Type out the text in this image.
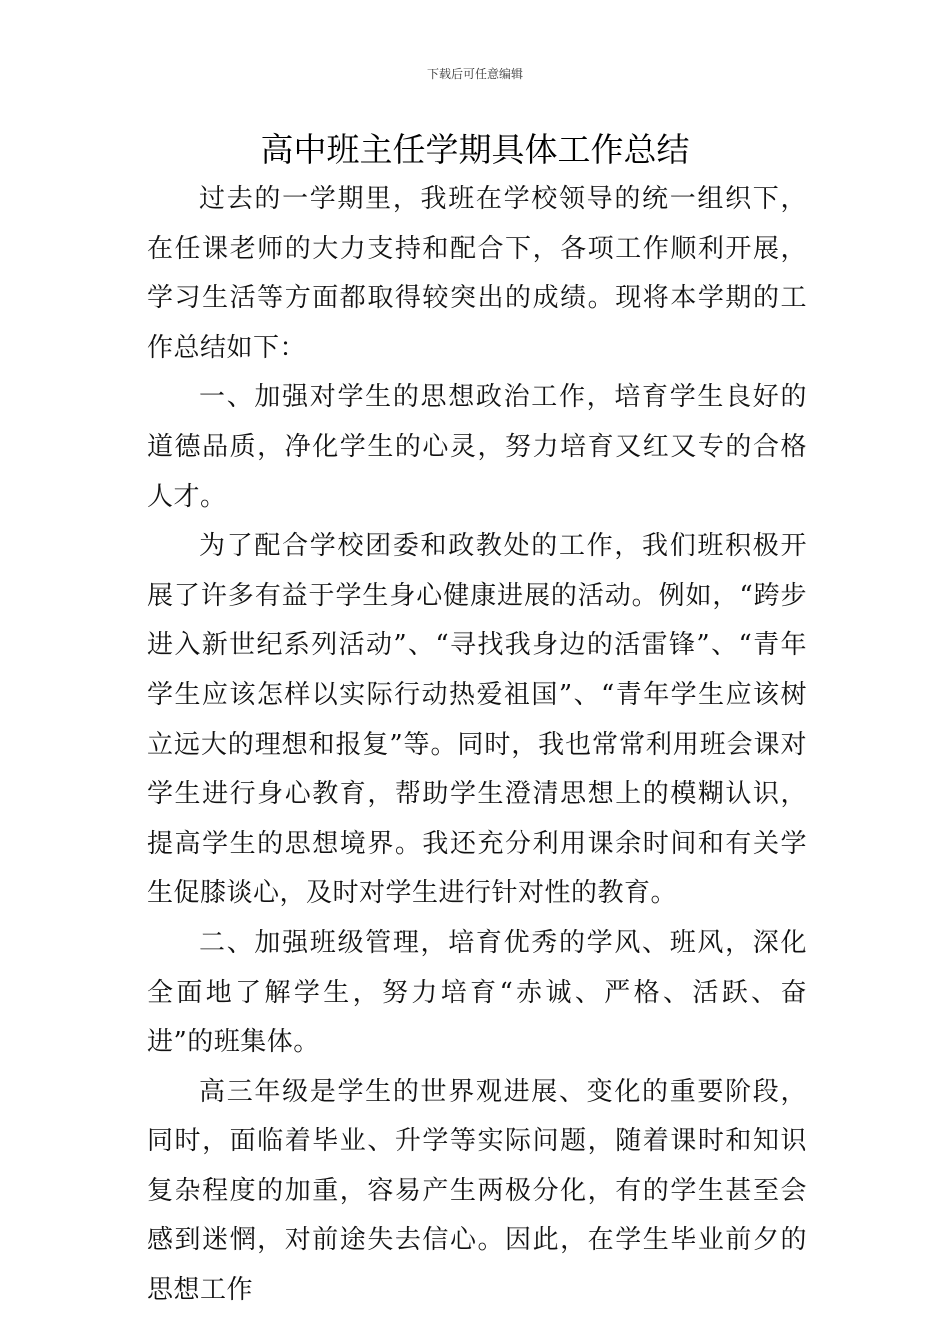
下载后可任意编辑
高中班主任学期具体工作总结

过去的一学期里，我班在学校领导的统一组织下，在任课老师的大力支持和配合下，各项工作顺利开展，学习生活等方面都取得较突出的成绩。现将本学期的工作总结如下：

一、加强对学生的思想政治工作，培育学生良好的道德品质，净化学生的心灵，努力培育又红又专的合格人才。

为了配合学校团委和政教处的工作，我们班积极开展了许多有益于学生身心健康进展的活动。例如，“跨步进入新世纪系列活动”、“寻找我身边的活雷锋”、“青年学生应该怎样以实际行动热爱祖国”、“青年学生应该树立远大的理想和报复”等。同时，我也常常利用班会课对学生进行身心教育，帮助学生澄清思想上的模糊认识，提高学生的思想境界。我还充分利用课余时间和有关学生促膝谈心，及时对学生进行针对性的教育。

二、加强班级管理，培育优秀的学风、班风，深化全面地了解学生，努力培育“赤诚、严格、活跃、奋进”的班集体。

高三年级是学生的世界观进展、变化的重要阶段，同时，面临着毕业、升学等实际问题，随着课时和知识复杂程度的加重，容易产生两极分化，有的学生甚至会感到迷惘，对前途失去信心。因此，在学生毕业前夕的思想工作
